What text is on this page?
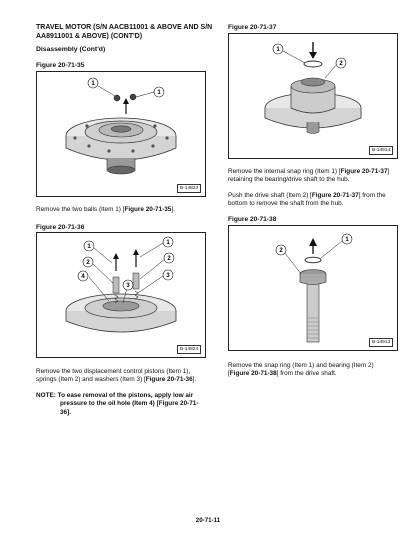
TRAVEL MOTOR (S/N AACB11001 & ABOVE AND S/N
AA8911001 & ABOVE) (CONT'D)
Disassembly (Cont'd)
Figure 20-71-35
1
1
B-14823
Remove the two balls (Item 1) [Figure 20-71-35].
Figure 20-71-36
1
1
2
2
4	3
3
B-14824
Remove the two displacement control pistons (Item 1),
springs (Item 2) and washers (Item 3) [Figure 20-71-36].
NOTE: To ease removal of the pistons, apply low air
pressure to the oil hole (Item 4) [Figure 20-71-
36].
Figure 20-71-37
1
2
B-14914
Remove the internal snap ring (Item 1) [Figure 20-71-37]
retaining the bearing/drive shaft to the hub.
Push the drive shaft (Item 2) [Figure 20-71-37] from the
bottom to remove the shaft from the hub.
Figure 20-71-38
1
2
B-14913
Remove the snap ring (Item 1) and bearing (Item 2)
[Figure 20-71-38] from the drive shaft.
20-71-11
